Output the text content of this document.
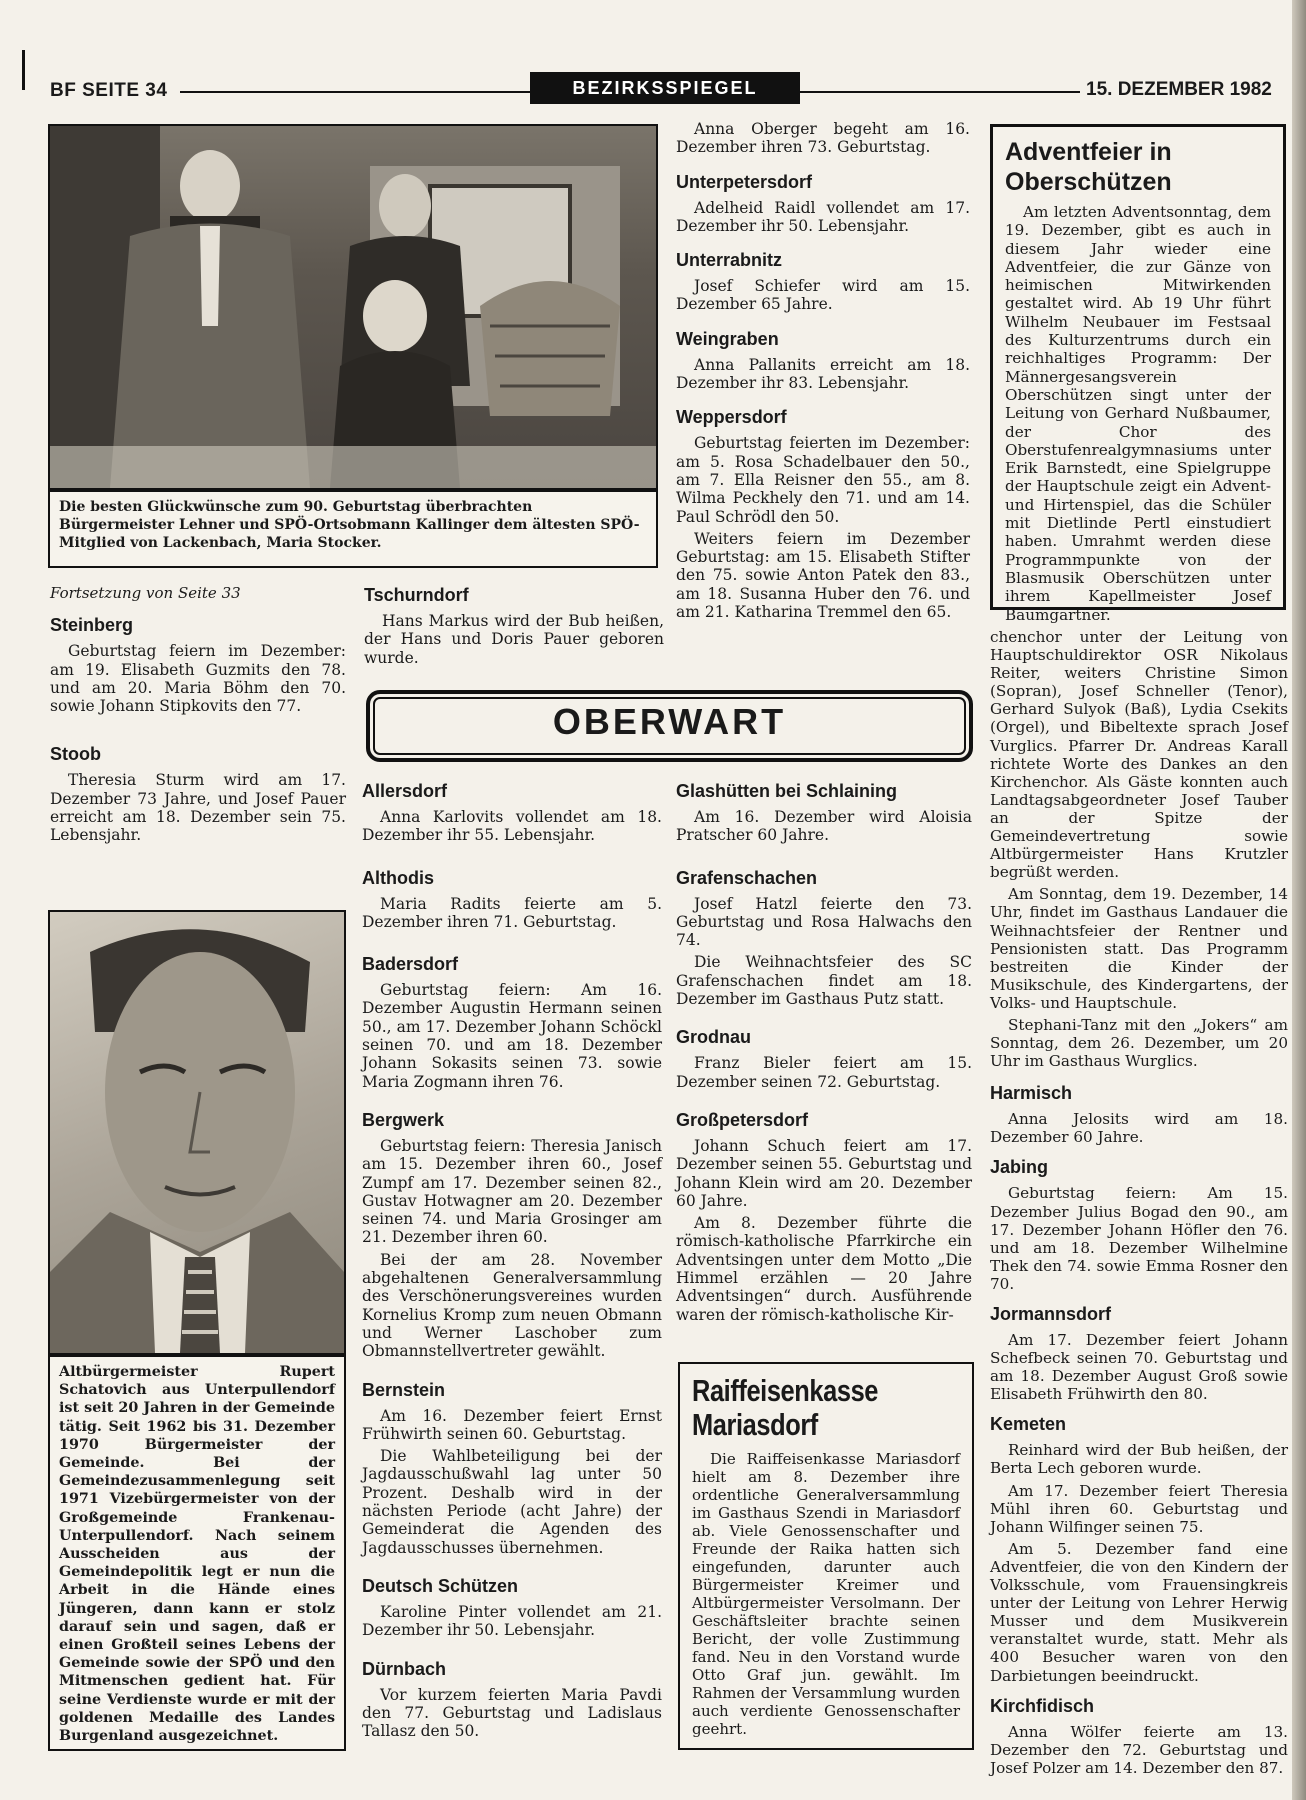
BF SEITE 34	BEZIRKSSPIEGEL	15. DEZEMBER 1982
Die besten Glückwünsche zum 90. Geburtstag überbrachten Bürgermeister Lehner und SPÖ-Ortsobmann Kallinger dem ältesten SPÖ-Mitglied von Lackenbach, Maria Stocker.
Fortsetzung von Seite 33
Steinberg

Geburtstag feiern im Dezember: am 19. Elisabeth Guzmits den 78. und am 20. Maria Böhm den 70. sowie Johann Stipkovits den 77.

Stoob

Theresia Sturm wird am 17. Dezember 73 Jahre, und Josef Pauer erreicht am 18. Dezember sein 75. Lebensjahr.

Altbürgermeister Rupert Schatovich aus Unterpullendorf ist seit 20 Jahren in der Gemeinde tätig. Seit 1962 bis 31. Dezember 1970 Bürgermeister der Gemeinde. Bei der Gemeindezusammenlegung seit 1971 Vizebürgermeister von der Großgemeinde Frankenau-Unterpullendorf. Nach seinem Ausscheiden aus der Gemeindepolitik legt er nun die Arbeit in die Hände eines Jüngeren, dann kann er stolz darauf sein und sagen, daß er einen Großteil seines Lebens der Gemeinde sowie der SPÖ und den Mitmenschen gedient hat. Für seine Verdienste wurde er mit der goldenen Medaille des Landes Burgenland ausgezeichnet.
Tschurndorf

Hans Markus wird der Bub heißen, der Hans und Doris Pauer geboren wurde.

Anna Oberger begeht am 16. Dezember ihren 73. Geburtstag.

Unterpetersdorf

Adelheid Raidl vollendet am 17. Dezember ihr 50. Lebensjahr.

Unterrabnitz

Josef Schiefer wird am 15. Dezember 65 Jahre.

Weingraben

Anna Pallanits erreicht am 18. Dezember ihr 83. Lebensjahr.

Weppersdorf

Geburtstag feierten im Dezember: am 5. Rosa Schadelbauer den 50., am 7. Ella Reisner den 55., am 8. Wilma Peckhely den 71. und am 14. Paul Schrödl den 50.

Weiters feiern im Dezember Geburtstag: am 15. Elisabeth Stifter den 75. sowie Anton Patek den 83., am 18. Susanna Huber den 76. und am 21. Katharina Tremmel den 65.

Adventfeier in Oberschützen

Am letzten Adventsonntag, dem 19. Dezember, gibt es auch in diesem Jahr wieder eine Adventfeier, die zur Gänze von heimischen Mitwirkenden gestaltet wird. Ab 19 Uhr führt Wilhelm Neubauer im Festsaal des Kulturzentrums durch ein reichhaltiges Programm: Der Männergesangsverein Oberschützen singt unter der Leitung von Gerhard Nußbaumer, der Chor des Oberstufenrealgymnasiums unter Erik Barnstedt, eine Spielgruppe der Hauptschule zeigt ein Advent- und Hirtenspiel, das die Schüler mit Dietlinde Pertl einstudiert haben. Umrahmt werden diese Programmpunkte von der Blasmusik Oberschützen unter ihrem Kapellmeister Josef Baumgartner.

OBERWART
Allersdorf

Anna Karlovits vollendet am 18. Dezember ihr 55. Lebensjahr.

Althodis

Maria Radits feierte am 5. Dezember ihren 71. Geburtstag.

Badersdorf

Geburtstag feiern: Am 16. Dezember Augustin Hermann seinen 50., am 17. Dezember Johann Schöckl seinen 70. und am 18. Dezember Johann Sokasits seinen 73. sowie Maria Zogmann ihren 76.

Bergwerk

Geburtstag feiern: Theresia Janisch am 15. Dezember ihren 60., Josef Zumpf am 17. Dezember seinen 82., Gustav Hotwagner am 20. Dezember seinen 74. und Maria Grosinger am 21. Dezember ihren 60.

Bei der am 28. November abgehaltenen Generalversammlung des Verschönerungsvereines wurden Kornelius Kromp zum neuen Obmann und Werner Laschober zum Obmannstellvertreter gewählt.

Bernstein

Am 16. Dezember feiert Ernst Frühwirth seinen 60. Geburtstag.

Die Wahlbeteiligung bei der Jagdausschußwahl lag unter 50 Prozent. Deshalb wird in der nächsten Periode (acht Jahre) der Gemeinderat die Agenden des Jagdausschusses übernehmen.

Deutsch Schützen

Karoline Pinter vollendet am 21. Dezember ihr 50. Lebensjahr.

Dürnbach

Vor kurzem feierten Maria Pavdi den 77. Geburtstag und Ladislaus Tallasz den 50.

Glashütten bei Schlaining

Am 16. Dezember wird Aloisia Pratscher 60 Jahre.

Grafenschachen

Josef Hatzl feierte den 73. Geburtstag und Rosa Halwachs den 74.

Die Weihnachtsfeier des SC Grafenschachen findet am 18. Dezember im Gasthaus Putz statt.

Grodnau

Franz Bieler feiert am 15. Dezember seinen 72. Geburtstag.

Großpetersdorf

Johann Schuch feiert am 17. Dezember seinen 55. Geburtstag und Johann Klein wird am 20. Dezember 60 Jahre.

Am 8. Dezember führte die römisch-katholische Pfarrkirche ein Adventsingen unter dem Motto „Die Himmel erzählen — 20 Jahre Adventsingen“ durch. Ausführende waren der römisch-katholische Kir-

Raiffeisenkasse
Mariasdorf

Die Raiffeisenkasse Mariasdorf hielt am 8. Dezember ihre ordentliche Generalversammlung im Gasthaus Szendi in Mariasdorf ab. Viele Genossenschafter und Freunde der Raika hatten sich eingefunden, darunter auch Bürgermeister Kreimer und Altbürgermeister Versolmann. Der Geschäftsleiter brachte seinen Bericht, der volle Zustimmung fand. Neu in den Vorstand wurde Otto Graf jun. gewählt. Im Rahmen der Versammlung wurden auch verdiente Genossenschafter geehrt.

chenchor unter der Leitung von Hauptschuldirektor OSR Nikolaus Reiter, weiters Christine Simon (Sopran), Josef Schneller (Tenor), Gerhard Sulyok (Baß), Lydia Csekits (Orgel), und Bibeltexte sprach Josef Vurglics. Pfarrer Dr. Andreas Karall richtete Worte des Dankes an den Kirchenchor. Als Gäste konnten auch Landtagsabgeordneter Josef Tauber an der Spitze der Gemeindevertretung sowie Altbürgermeister Hans Krutzler begrüßt werden.

Am Sonntag, dem 19. Dezember, 14 Uhr, findet im Gasthaus Landauer die Weihnachtsfeier der Rentner und Pensionisten statt. Das Programm bestreiten die Kinder der Musikschule, des Kindergartens, der Volks- und Hauptschule.

Stephani-Tanz mit den „Jokers“ am Sonntag, dem 26. Dezember, um 20 Uhr im Gasthaus Wurglics.

Harmisch

Anna Jelosits wird am 18. Dezember 60 Jahre.

Jabing

Geburtstag feiern: Am 15. Dezember Julius Bogad den 90., am 17. Dezember Johann Höfler den 76. und am 18. Dezember Wilhelmine Thek den 74. sowie Emma Rosner den 70.

Jormannsdorf

Am 17. Dezember feiert Johann Schefbeck seinen 70. Geburtstag und am 18. Dezember August Groß sowie Elisabeth Frühwirth den 80.

Kemeten

Reinhard wird der Bub heißen, der Berta Lech geboren wurde.

Am 17. Dezember feiert Theresia Mühl ihren 60. Geburtstag und Johann Wilfinger seinen 75.

Am 5. Dezember fand eine Adventfeier, die von den Kindern der Volksschule, vom Frauensingkreis unter der Leitung von Lehrer Herwig Musser und dem Musikverein veranstaltet wurde, statt. Mehr als 400 Besucher waren von den Darbietungen beeindruckt.

Kirchfidisch

Anna Wölfer feierte am 13. Dezember den 72. Geburtstag und Josef Polzer am 14. Dezember den 87.
